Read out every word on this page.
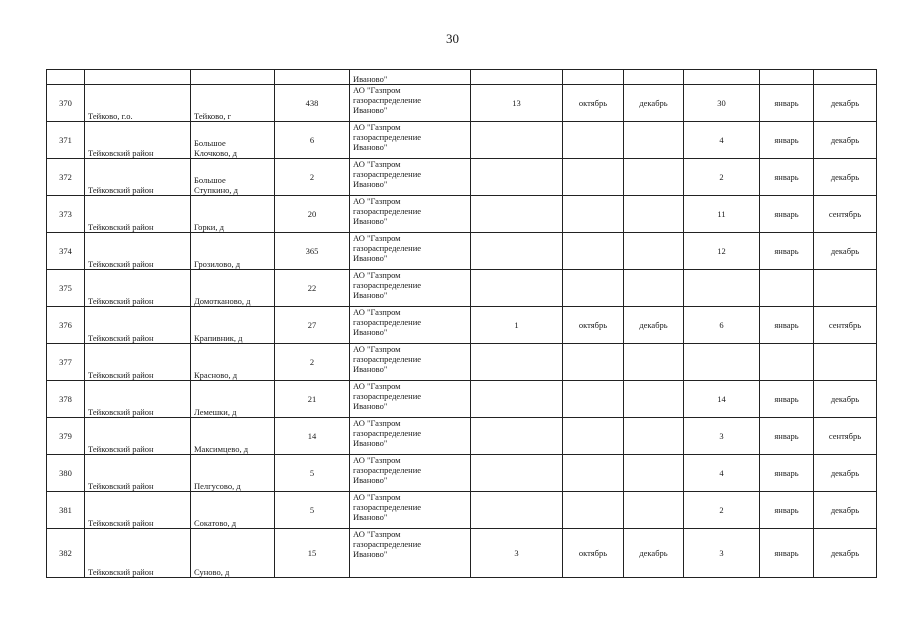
30
				Иваново"						
370	Тейково, г.о.	Тейково, г	438	АО "Газпром
газораспределение
Иваново"	13	октябрь	декабрь	30	январь	декабрь
371	Тейковский район	Большое
Клочково, д	6	АО "Газпром
газораспределение
Иваново"				4	январь	декабрь
372	Тейковский район	Большое
Ступкино, д	2	АО "Газпром
газораспределение
Иваново"				2	январь	декабрь
373	Тейковский район	Горки, д	20	АО "Газпром
газораспределение
Иваново"				11	январь	сентябрь
374	Тейковский район	Грозилово, д	365	АО "Газпром
газораспределение
Иваново"				12	январь	декабрь
375	Тейковский район	Домотканово, д	22	АО "Газпром
газораспределение
Иваново"						
376	Тейковский район	Крапивник, д	27	АО "Газпром
газораспределение
Иваново"	1	октябрь	декабрь	6	январь	сентябрь
377	Тейковский район	Красново, д	2	АО "Газпром
газораспределение
Иваново"						
378	Тейковский район	Лемешки, д	21	АО "Газпром
газораспределение
Иваново"				14	январь	декабрь
379	Тейковский район	Максимцево, д	14	АО "Газпром
газораспределение
Иваново"				3	январь	сентябрь
380	Тейковский район	Пелгусово, д	5	АО "Газпром
газораспределение
Иваново"				4	январь	декабрь
381	Тейковский район	Сокатово, д	5	АО "Газпром
газораспределение
Иваново"				2	январь	декабрь
382	Тейковский район	Суново, д	15	АО "Газпром
газораспределение
Иваново"	3	октябрь	декабрь	3	январь	декабрь
